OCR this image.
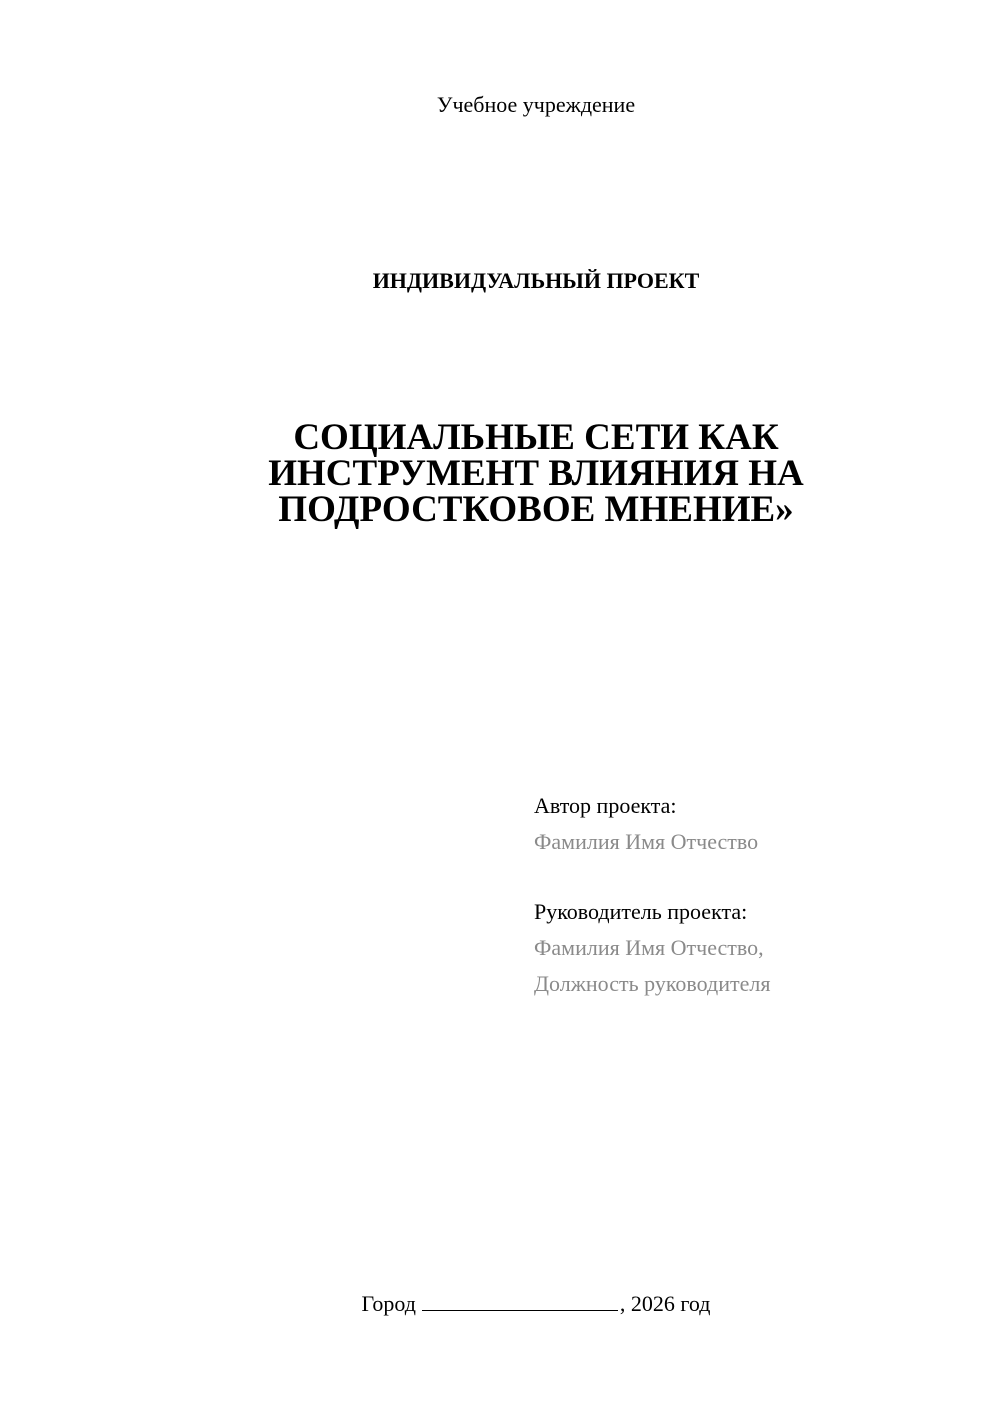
Учебное учреждение
ИНДИВИДУАЛЬНЫЙ ПРОЕКТ
СОЦИАЛЬНЫЕ СЕТИ КАК
ИНСТРУМЕНТ ВЛИЯНИЯ НА
ПОДРОСТКОВОЕ МНЕНИЕ»
Автор проекта:
Фамилия Имя Отчество
Руководитель проекта:
Фамилия Имя Отчество,
Должность руководителя
Город	, 2026 год
